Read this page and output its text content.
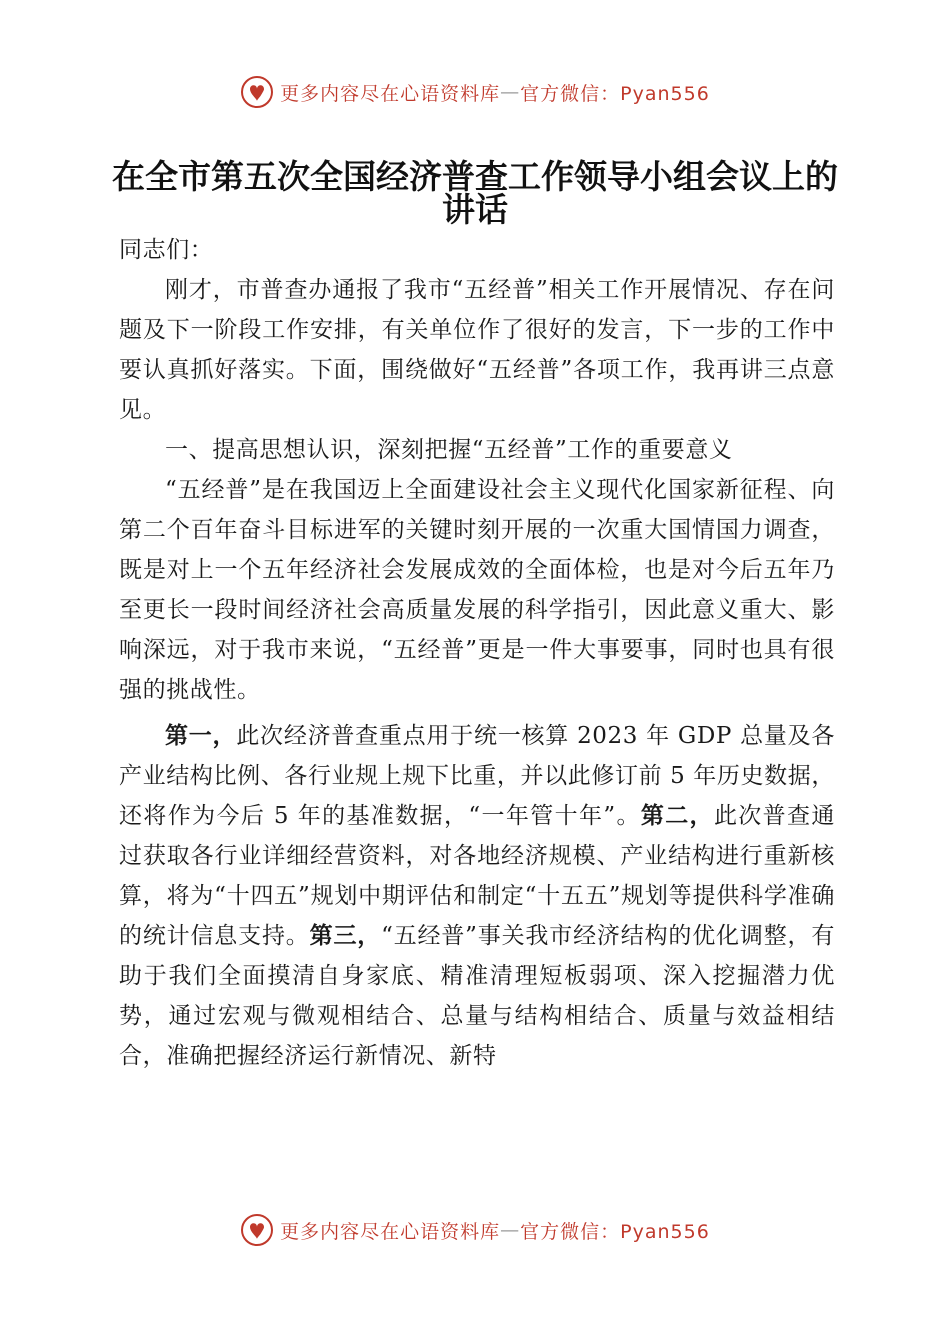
更多内容尽在心语资料库 — 官方微信：Pyan556
在全市第五次全国经济普查工作领导小组会议上的讲话

同志们：

刚才，市普查办通报了我市“五经普”相关工作开展情况、存在问题及下一阶段工作安排，有关单位作了很好的发言，下一步的工作中要认真抓好落实。下面，围绕做好“五经普”各项工作，我再讲三点意见。

一、提高思想认识，深刻把握“五经普”工作的重要意义

“五经普”是在我国迈上全面建设社会主义现代化国家新征程、向第二个百年奋斗目标进军的关键时刻开展的一次重大国情国力调查，既是对上一个五年经济社会发展成效的全面体检，也是对今后五年乃至更长一段时间经济社会高质量发展的科学指引，因此意义重大、影响深远，对于我市来说，“五经普”更是一件大事要事，同时也具有很强的挑战性。

第一，此次经济普查重点用于统一核算 2023 年 GDP 总量及各产业结构比例、各行业规上规下比重，并以此修订前 5 年历史数据，还将作为今后 5 年的基准数据，“一年管十年”。第二，此次普查通过获取各行业详细经营资料，对各地经济规模、产业结构进行重新核算，将为“十四五”规划中期评估和制定“十五五”规划等提供科学准确的统计信息支持。第三，“五经普”事关我市经济结构的优化调整，有助于我们全面摸清自身家底、精准清理短板弱项、深入挖掘潜力优势，通过宏观与微观相结合、总量与结构相结合、质量与效益相结合，准确把握经济运行新情况、新特

更多内容尽在心语资料库 — 官方微信：Pyan556
